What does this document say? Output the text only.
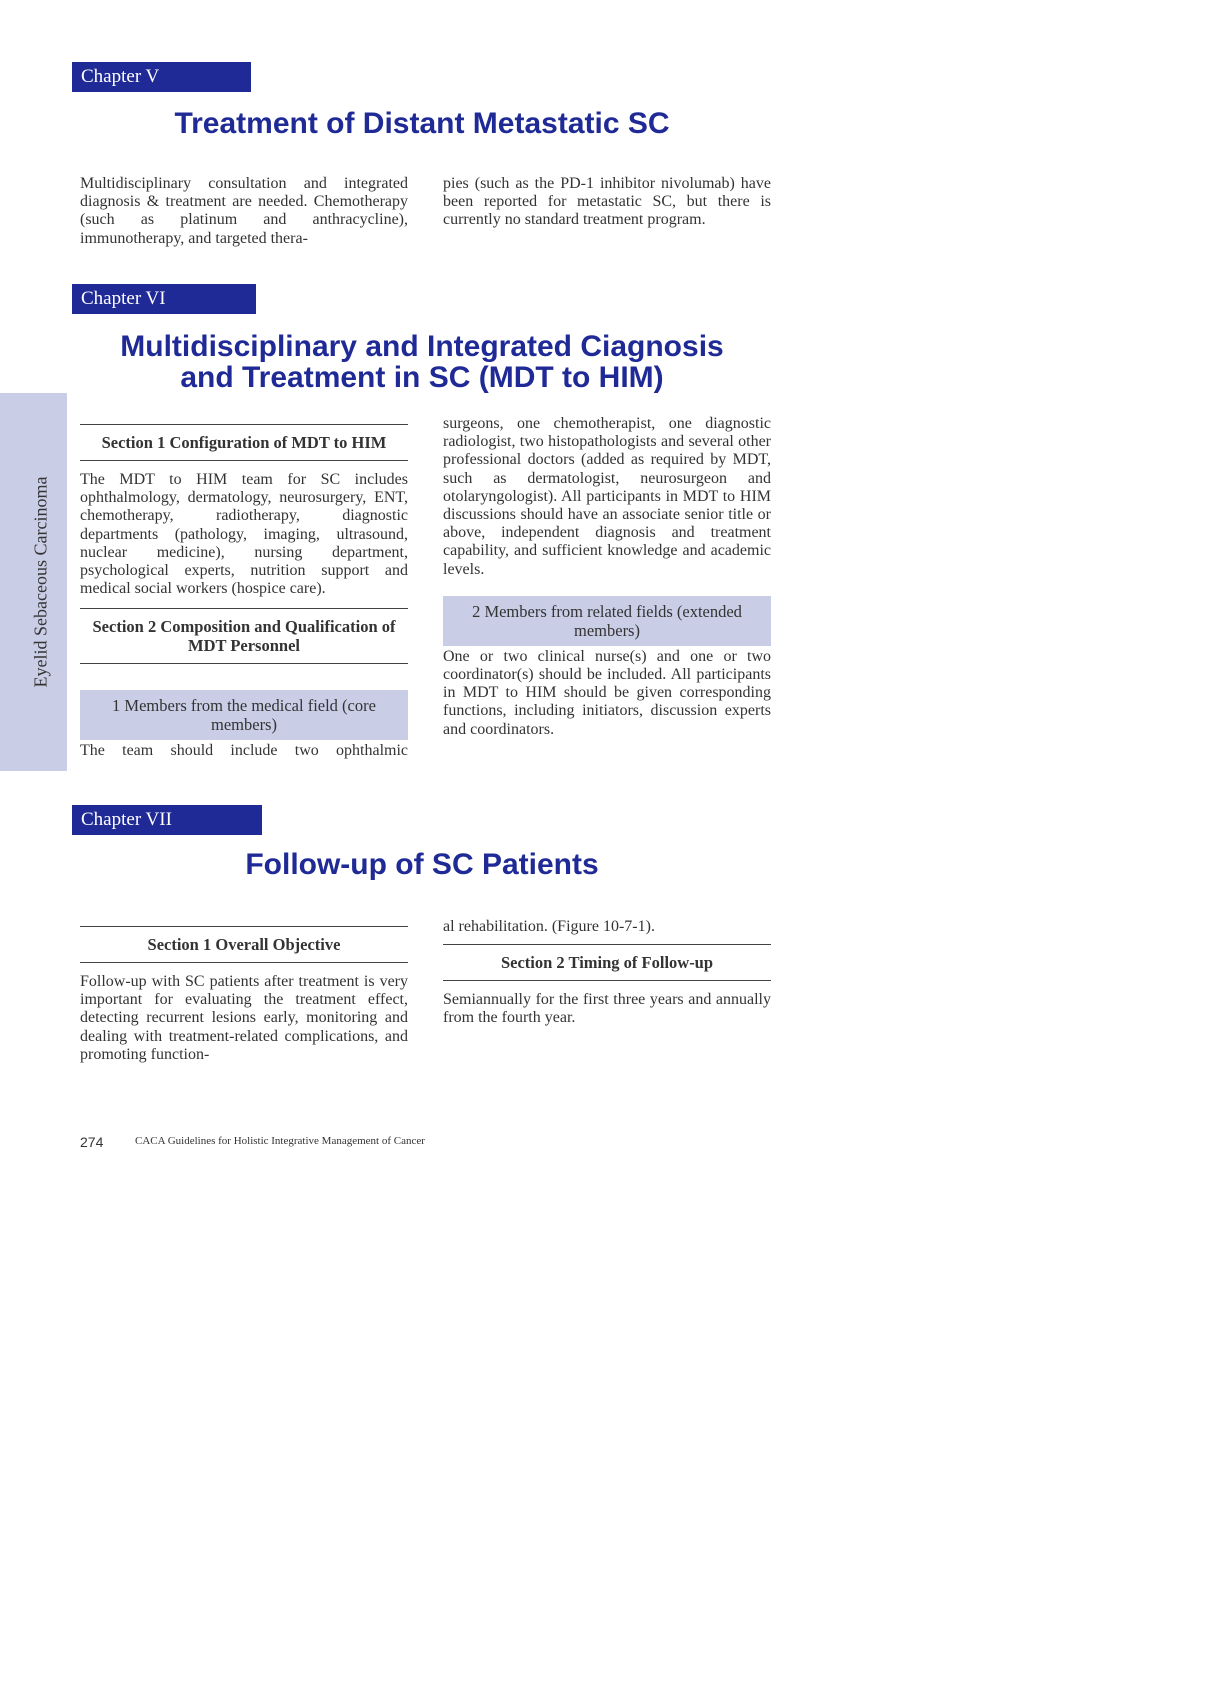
Eyelid Sebaceous Carcinoma
Chapter V
Treatment of Distant Metastatic SC

Multidisciplinary consultation and integrated diagnosis & treatment are needed. Chemotherapy (such as platinum and anthracycline), immunotherapy, and targeted thera-

pies (such as the PD-1 inhibitor nivolumab) have been reported for metastatic SC, but there is currently no standard treatment program.

Chapter VI
Multidisciplinary and Integrated Ciagnosis
and Treatment in SC (MDT to HIM)
Section 1 Configuration of MDT to HIM

The MDT to HIM team for SC includes ophthalmology, dermatology, neurosurgery, ENT, chemotherapy, radiotherapy, diagnostic departments (pathology, imaging, ultrasound, nuclear medicine), nursing department, psychological experts, nutrition support and medical social workers (hospice care).

Section 2 Composition and Qualification of MDT Personnel
1 Members from the medical field (core members)

The team should include two ophthalmic

surgeons, one chemotherapist, one diagnostic radiologist, two histopathologists and several other professional doctors (added as required by MDT, such as dermatologist, neurosurgeon and otolaryngologist). All participants in MDT to HIM discussions should have an associate senior title or above, independent diagnosis and treatment capability, and sufficient knowledge and academic levels.

2 Members from related fields (extended members)

One or two clinical nurse(s) and one or two coordinator(s) should be included. All participants in MDT to HIM should be given corresponding functions, including initiators, discussion experts and coordinators.

Chapter VII
Follow-up of SC Patients
Section 1 Overall Objective

Follow-up with SC patients after treatment is very important for evaluating the treatment effect, detecting recurrent lesions early, monitoring and dealing with treatment-related complications, and promoting function-

al rehabilitation. (Figure 10-7-1).

Section 2 Timing of Follow-up

Semiannually for the first three years and annually from the fourth year.

274	CACA Guidelines for Holistic Integrative Management of Cancer
